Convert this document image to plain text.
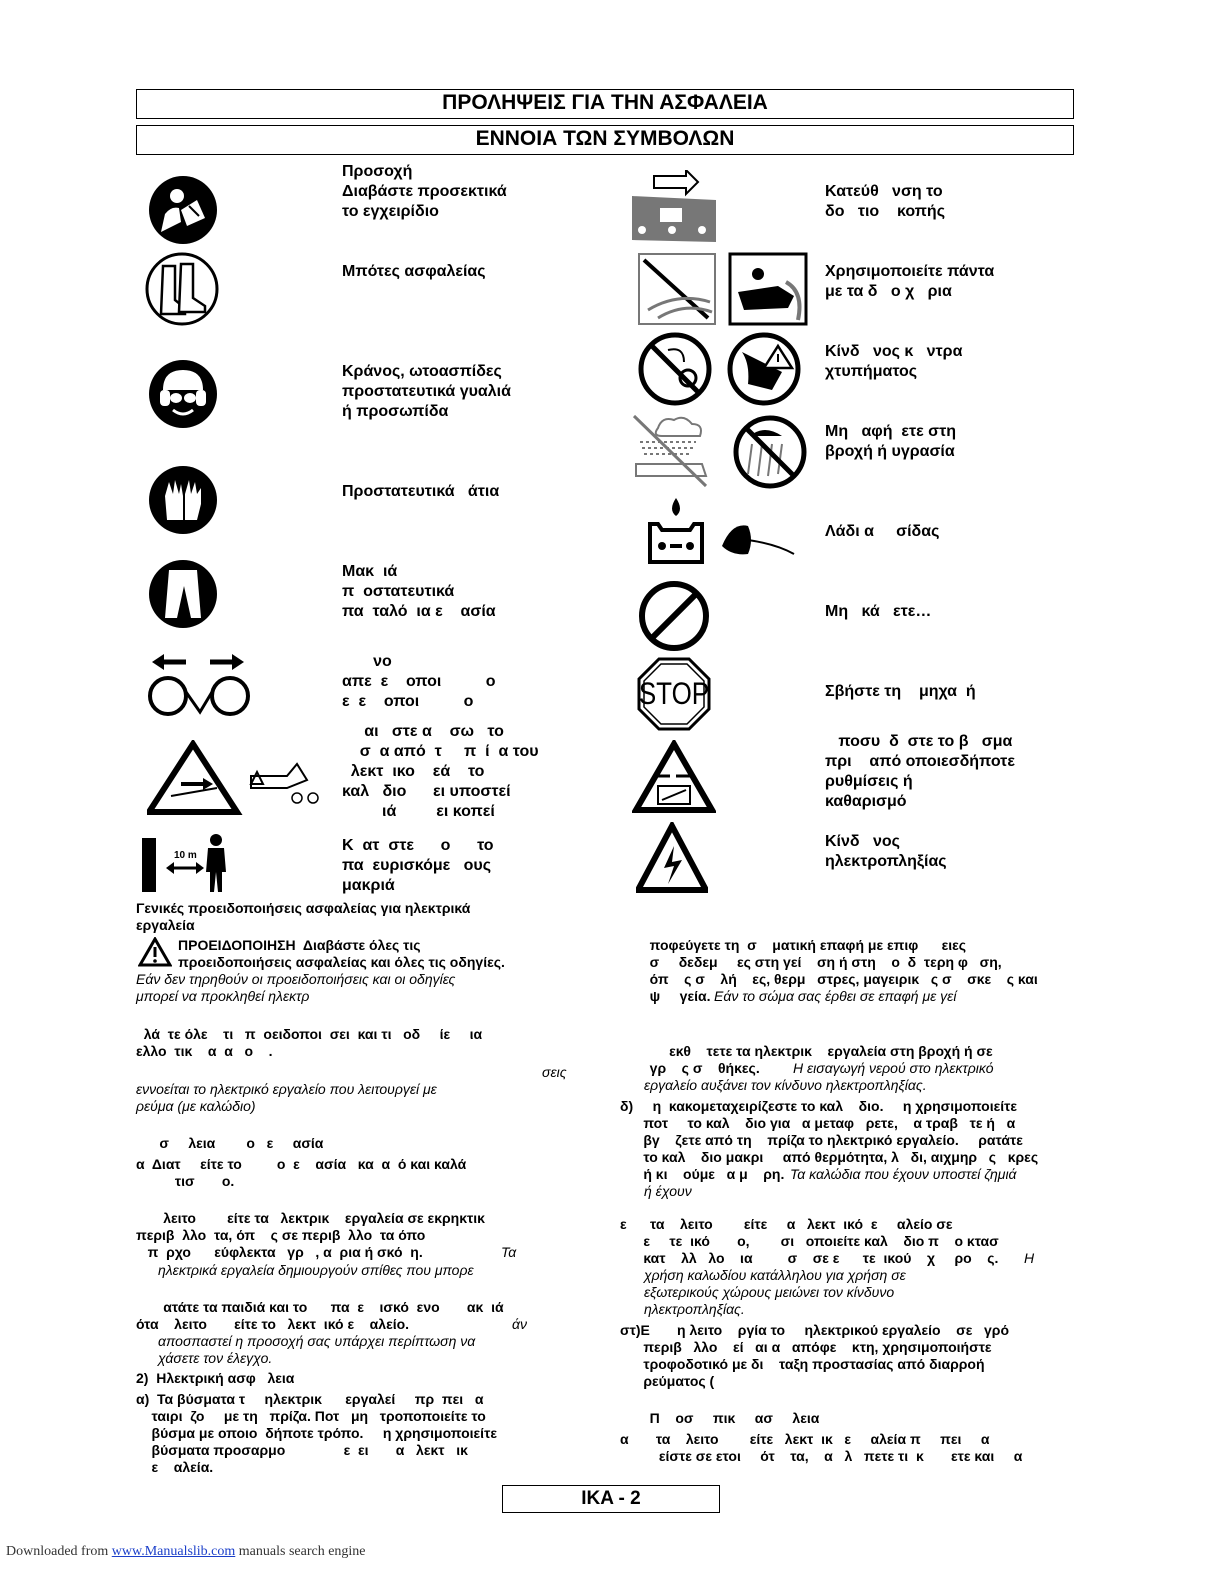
ΠΡΟΛΗΨΕΙΣ ΓΙΑ ΤΗΝ ΑΣΦΑΛΕΙΑ
ΕΝΝΟΙΑ ΤΩΝ ΣΥΜΒΟΛΩΝ
Προσοχή
Διαβάστε προσεκτικά
το εγχειρίδιο
Μπότες ασφαλείας
Κράνος, ωτοασπίδες
προστατευτικά γυαλιά
ή προσωπίδα
Προστατευτικά   άτια
Μακ  ιά
π  οστατευτικά
πα  ταλό  ια ε    ασία
νο
απε  ε    οποι          ο
ε  ε    οποι          ο
αι   στε α    σω   το
σ  α από  τ     π  ί  α του
λεκτ  ικο    εά    το
καλ   διο      ει υποστεί
ιά         ει κοπεί
10 m
Κ  ατ  στε      ο      το
πα  ευρισκόμε   ους
μακριά
Κατεύθ   νση το
δο   τιο    κοπής
Χρησιμοποιείτε πάντα
με τα δ   ο χ   ρια
Κίνδ   νος κ   ντρα
χτυπήματος
Μη   αφή  ετε στη
βροχή ή υγρασία
Λάδι α     σίδας
Μη   κά   ετε…
STOP	Σβήστε τη    μηχα  ή
ποσυ  δ  στε το β   σμα
πρι    από οποιεσδήποτε
ρυθμίσεις ή
καθαρισμό
Κίνδ   νος
ηλεκτροπληξίας
Γενικές προειδοποιήσεις ασφαλείας για ηλεκτρικά
εργαλεία
ΠΡΟΕΙΔΟΠΟΙΗΣΗ  Διαβάστε όλες τις
προειδοποιήσεις ασφαλείας και όλες τις οδηγίες.
Εάν δεν τηρηθούν οι προειδοποιήσεις και οι οδηγίες
μπορεί να προκληθεί ηλεκτρ
λά  τε όλε    τι   π  οειδοποι  σει  και τι   οδ     ίε     ια
ελλο  τικ    α  α   ο    .
σεις
εννοείται το ηλεκτρικό εργαλείο που λειτουργεί με
ρεύμα (με καλώδιο)
σ     λεια        ο   ε     ασία
α  Διατ     είτε το         ο  ε    ασία   κα  α  ό και καλά
τισ       ο.
λειτο        είτε τα   λεκτρικ    εργαλεία σε εκρηκτικ
περιβ  λλο  τα, όπ    ς σε περιβ  λλο  τα όπο
π  ρχο      εύφλεκτα   γρ   , α  ρια ή σκό  η.	Τα
ηλεκτρικά εργαλεία δημιουργούν σπίθες που μπορε
ατάτε τα παιδιά και το      πα  ε    ισκό  ενο       ακ  ιά
ότα    λειτο       είτε το   λεκτ  ικό ε    αλείο.	άν
αποσπαστεί η προσοχή σας υπάρχει περίπτωση να
χάσετε τον έλεγχο.
2)  Ηλεκτρική ασφ   λεια
α)  Τα βύσματα τ     ηλεκτρικ      εργαλεί     πρ  πει   α
ταιρι  ζο     με τη   πρίζα. Ποτ   μη   τροποποιείτε το
βύσμα με οποιο  δήποτε τρόπο.     η χρησιμοποιείτε
βύσματα προσαρμο               ε  ει       α   λεκτ   ικ
ε    αλεία.
ποφεύγετε τη  σ    ματική επαφή με επιφ      ειες
σ     δεδεμ     ες στη γεί    ση ή στη    ο  δ  τερη φ   ση,
όπ    ς σ    λή    ες, θερμ   στρες, μαγειρικ   ς σ    σκε    ς και
ψ     γεία. Εάν το σώμα σας έρθει σε επαφή με γεί
εκθ    τετε τα ηλεκτρικ    εργαλεία στη βροχή ή σε
γρ    ς σ    θήκες.	Η εισαγωγή νερού στο ηλεκτρικό
εργαλείο αυξάνει τον κίνδυνο ηλεκτροπληξίας.
δ)     η  κακομεταχειρίζεστε το καλ    διο.     η χρησιμοποιείτε
ποτ     το καλ    διο για   α μεταφ   ρετε,    α τραβ   τε ή   α
βγ    ζετε από τη    πρίζα το ηλεκτρικό εργαλείο.     ρατάτε
το καλ    διο μακρι     από θερμότητα, λ   δι, αιχμηρ   ς   κρες
ή κι    ούμε   α μ    ρη. Τα καλώδια που έχουν υποστεί ζημιά
ή έχουν
ε      τα    λειτο        είτε     α   λεκτ  ικό  ε     αλείο σε
ε     τε  ικό       ο,        σι   οποιείτε καλ    διο π    ο κτασ
κατ    λλ   λο    ια         σ    σε ε      τε  ικού    χ     ρο    ς. Η
χρήση καλωδίου κατάλληλου για χρήση σε
εξωτερικούς χώρους μειώνει τον κίνδυνο
ηλεκτροπληξίας.
στ)Ε       η λειτο    ργία το     ηλεκτρικού εργαλείο    σε   γρό
περιβ   λλο    εί   αι α   απόφε    κτη, χρησιμοποιήστε
τροφοδοτικό με δι    ταξη προστασίας από διαρροή
ρεύματος (
Π    οσ     πικ     ασ     λεια
α       τα    λειτο        είτε   λεκτ  ικ   ε     αλεία π     πει     α
είστε σε ετοι     ότ    τα,    α   λ   πετε τι  κ       ετε και     α
IKA - 2
Downloaded from www.Manualslib.com manuals search engine
